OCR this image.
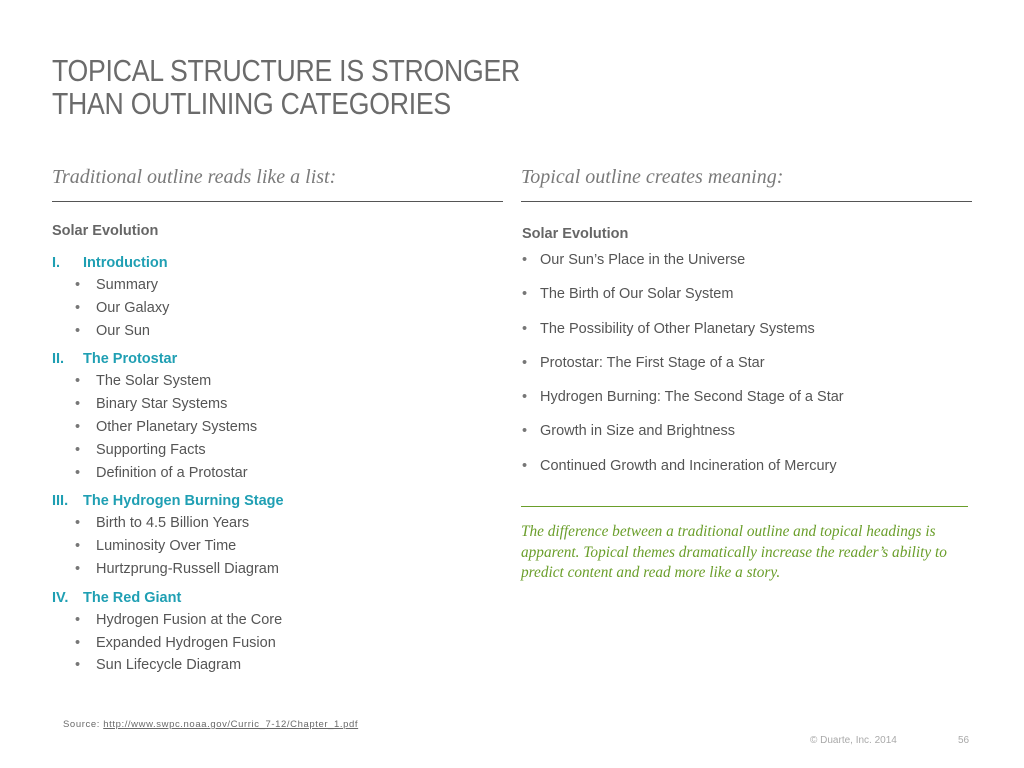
TOPICAL STRUCTURE IS STRONGER
THAN OUTLINING CATEGORIES
Traditional outline reads like a list:	Topical outline creates meaning:
Solar Evolution
I.	Introduction
•	Summary
•	Our Galaxy
•	Our Sun
II.	The Protostar
•	The Solar System
•	Binary Star Systems
•	Other Planetary Systems
•	Supporting Facts
•	Definition of a Protostar
III.	The Hydrogen Burning Stage
•	Birth to 4.5 Billion Years
•	Luminosity Over Time
•	Hurtzprung-Russell Diagram
IV.	The Red Giant
•	Hydrogen Fusion at the Core
•	Expanded Hydrogen Fusion
•	Sun Lifecycle Diagram
Solar Evolution
• Our Sun’s Place in the Universe
• The Birth of Our Solar System
• The Possibility of Other Planetary Systems
• Protostar: The First Stage of a Star
• Hydrogen Burning: The Second Stage of a Star
• Growth in Size and Brightness
• Continued Growth and Incineration of Mercury
The difference between a traditional outline and topical headings is apparent. Topical themes dramatically increase the reader’s ability to predict content and read more like a story.
Source: http://www.swpc.noaa.gov/Curric_7-12/Chapter_1.pdf
© Duarte, Inc. 2014	56
